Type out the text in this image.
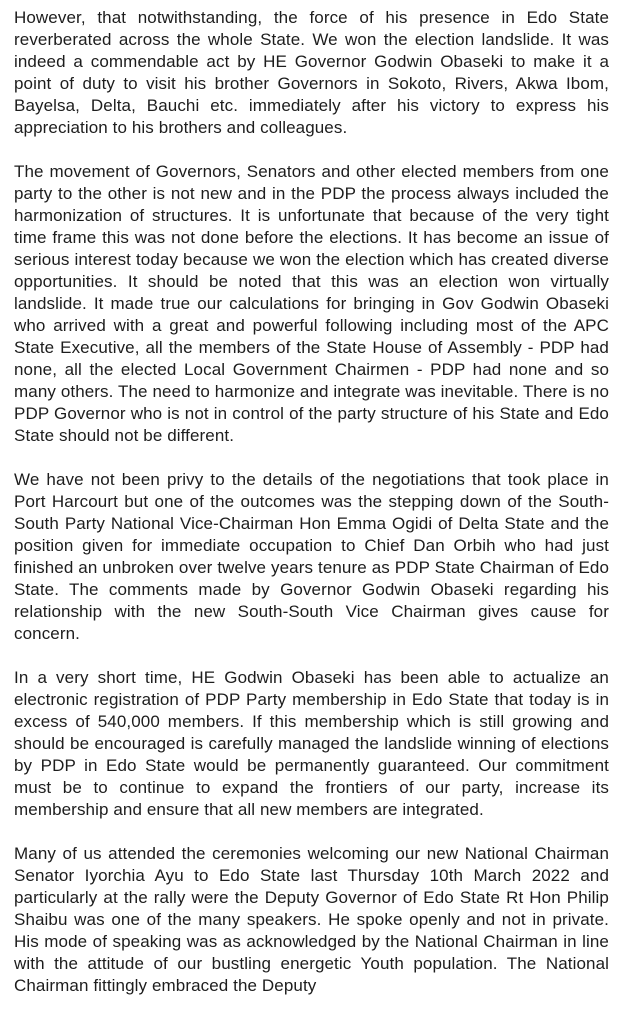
However, that notwithstanding, the force of his presence in Edo State reverberated across the whole State. We won the election landslide. It was indeed a commendable act by HE Governor Godwin Obaseki to make it a point of duty to visit his brother Governors in Sokoto, Rivers, Akwa Ibom, Bayelsa, Delta, Bauchi etc. immediately after his victory to express his appreciation to his brothers and colleagues.

The movement of Governors, Senators and other elected members from one party to the other is not new and in the PDP the process always included the harmonization of structures. It is unfortunate that because of the very tight time frame this was not done before the elections. It has become an issue of serious interest today because we won the election which has created diverse opportunities. It should be noted that this was an election won virtually landslide. It made true our calculations for bringing in Gov Godwin Obaseki who arrived with a great and powerful following including most of the APC State Executive, all the members of the State House of Assembly - PDP had none, all the elected Local Government Chairmen - PDP had none and so many others. The need to harmonize and integrate was inevitable. There is no PDP Governor who is not in control of the party structure of his State and Edo State should not be different.

We have not been privy to the details of the negotiations that took place in Port Harcourt but one of the outcomes was the stepping down of the South-South Party National Vice-Chairman Hon Emma Ogidi of Delta State and the position given for immediate occupation to Chief Dan Orbih who had just finished an unbroken over twelve years tenure as PDP State Chairman of Edo State. The comments made by Governor Godwin Obaseki regarding his relationship with the new South-South Vice Chairman gives cause for concern.

In a very short time, HE Godwin Obaseki has been able to actualize an electronic registration of PDP Party membership in Edo State that today is in excess of 540,000 members. If this membership which is still growing and should be encouraged is carefully managed the landslide winning of elections by PDP in Edo State would be permanently guaranteed. Our commitment must be to continue to expand the frontiers of our party, increase its membership and ensure that all new members are integrated.

Many of us attended the ceremonies welcoming our new National Chairman Senator Iyorchia Ayu to Edo State last Thursday 10th March 2022 and particularly at the rally were the Deputy Governor of Edo State Rt Hon Philip Shaibu was one of the many speakers. He spoke openly and not in private. His mode of speaking was as acknowledged by the National Chairman in line with the attitude of our bustling energetic Youth population. The National Chairman fittingly embraced the Deputy
